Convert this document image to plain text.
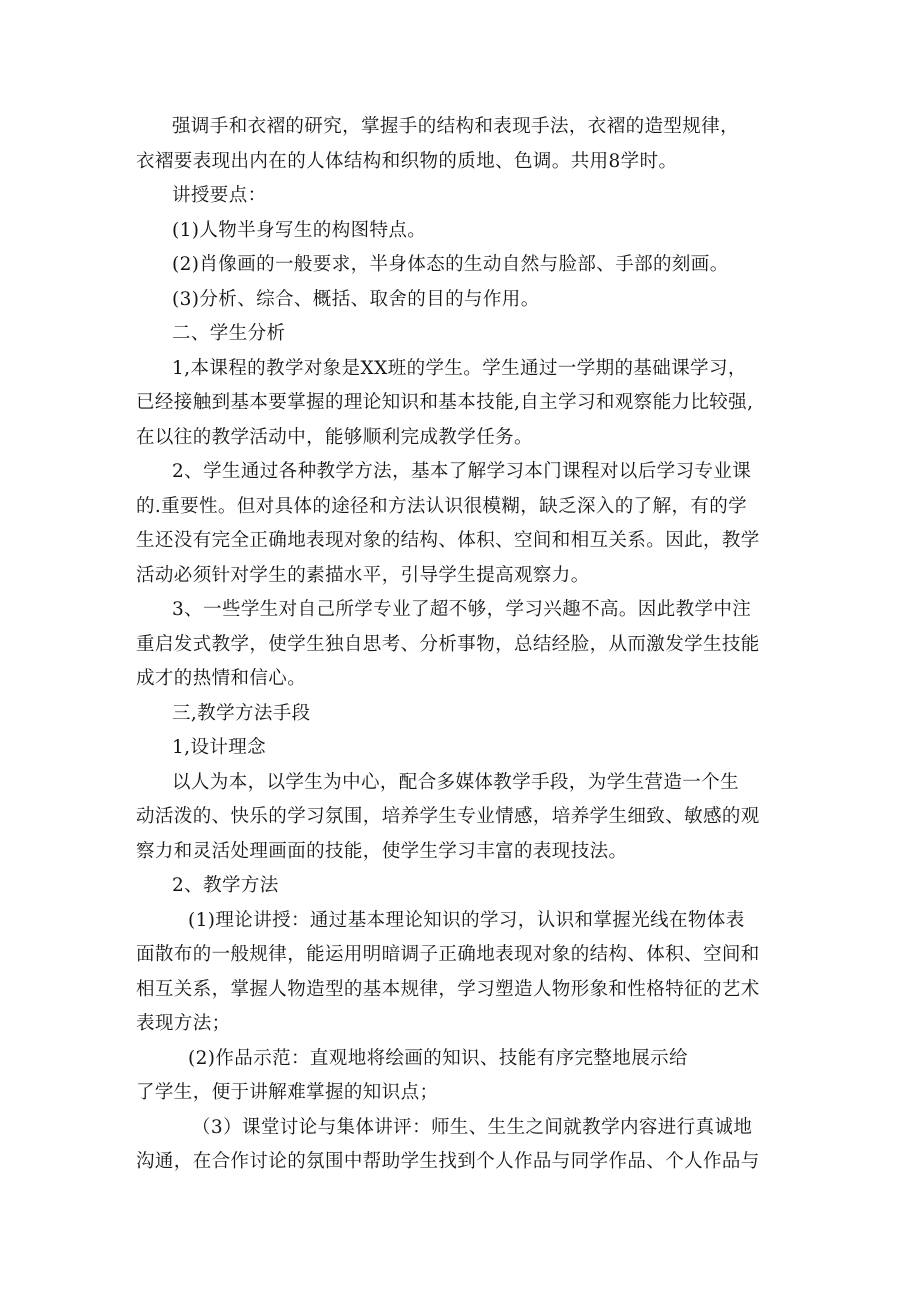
强调手和衣褶的研究，掌握手的结构和表现手法，衣褶的造型规律，
衣褶要表现出内在的人体结构和织物的质地、色调。共用8学时。
讲授要点：
(1)人物半身写生的构图特点。
(2)肖像画的一般要求，半身体态的生动自然与脸部、手部的刻画。
(3)分析、综合、概括、取舍的目的与作用。
二、学生分析
1,本课程的教学对象是XX班的学生。学生通过一学期的基础课学习，
已经接触到基本要掌握的理论知识和基本技能,自主学习和观察能力比较强,
在以往的教学活动中，能够顺利完成教学任务。
2、学生通过各种教学方法，基本了解学习本门课程对以后学习专业课
的.重要性。但对具体的途径和方法认识很模糊，缺乏深入的了解，有的学
生还没有完全正确地表现对象的结构、体积、空间和相互关系。因此，教学
活动必须针对学生的素描水平，引导学生提高观察力。
3、一些学生对自己所学专业了超不够，学习兴趣不高。因此教学中注
重启发式教学，使学生独自思考、分析事物，总结经脸，从而激发学生技能
成才的热情和信心。
三,教学方法手段
1,设计理念
以人为本，以学生为中心，配合多媒体教学手段，为学生营造一个生
动活泼的、快乐的学习氛围，培养学生专业情感，培养学生细致、敏感的观
察力和灵活处理画面的技能，使学生学习丰富的表现技法。
2、教学方法
(1)理论讲授：通过基本理论知识的学习，认识和掌握光线在物体表
面散布的一般规律，能运用明暗调子正确地表现对象的结构、体积、空间和
相互关系，掌握人物造型的基本规律，学习塑造人物形象和性格特征的艺术
表现方法；
(2)作品示范：直观地将绘画的知识、技能有序完整地展示给
了学生，便于讲解难掌握的知识点；
（3）课堂讨论与集体讲评：师生、生生之间就教学内容进行真诚地
沟通，在合作讨论的氛围中帮助学生找到个人作品与同学作品、个人作品与
